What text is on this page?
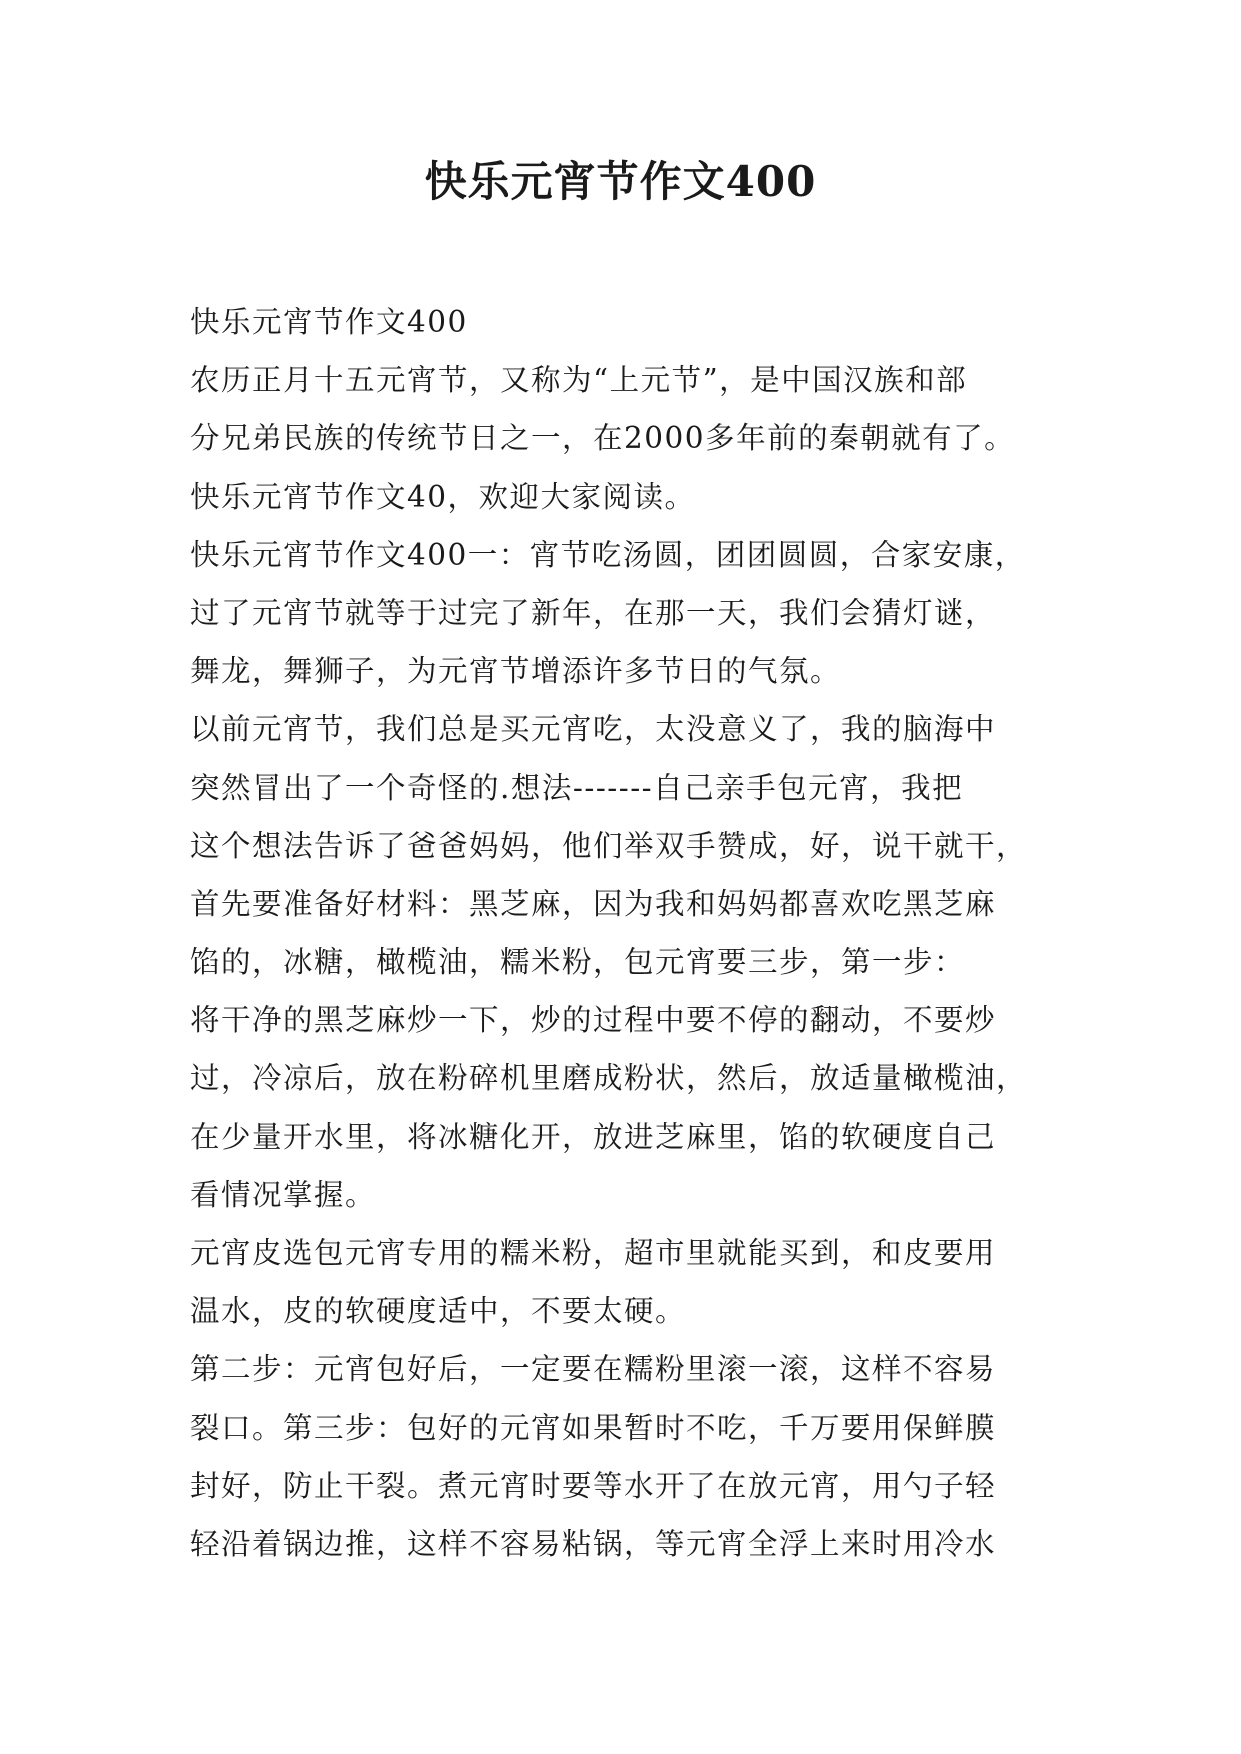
快乐元宵节作文400
快乐元宵节作文400
农历正月十五元宵节，又称为“上元节”，是中国汉族和部
分兄弟民族的传统节日之一，在2000多年前的秦朝就有了。
快乐元宵节作文40，欢迎大家阅读。
快乐元宵节作文400一：宵节吃汤圆，团团圆圆，合家安康，
过了元宵节就等于过完了新年，在那一天，我们会猜灯谜，
舞龙，舞狮子，为元宵节增添许多节日的气氛。
以前元宵节，我们总是买元宵吃，太没意义了，我的脑海中
突然冒出了一个奇怪的.想法-------自己亲手包元宵，我把
这个想法告诉了爸爸妈妈，他们举双手赞成，好，说干就干，
首先要准备好材料：黑芝麻，因为我和妈妈都喜欢吃黑芝麻
馅的，冰糖，橄榄油，糯米粉，包元宵要三步，第一步：
将干净的黑芝麻炒一下，炒的过程中要不停的翻动，不要炒
过，冷凉后，放在粉碎机里磨成粉状，然后，放适量橄榄油，
在少量开水里，将冰糖化开，放进芝麻里，馅的软硬度自己
看情况掌握。
元宵皮选包元宵专用的糯米粉，超市里就能买到，和皮要用
温水，皮的软硬度适中，不要太硬。
第二步：元宵包好后，一定要在糯粉里滚一滚，这样不容易
裂口。第三步：包好的元宵如果暂时不吃，千万要用保鲜膜
封好，防止干裂。煮元宵时要等水开了在放元宵，用勺子轻
轻沿着锅边推，这样不容易粘锅，等元宵全浮上来时用冷水
